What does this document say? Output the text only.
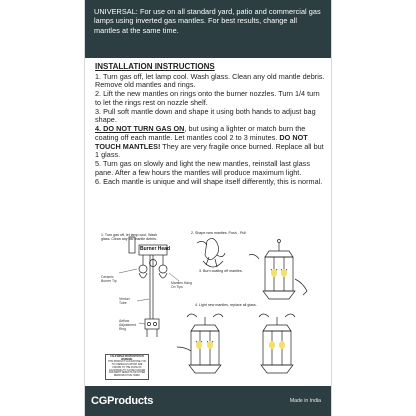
UNIVERSAL: For use on all standard yard, patio and commercial gas lamps using inverted gas mantles. For best results, change all mantles at the same time.

INSTALLATION INSTRUCTIONS

1. Turn gas off, let lamp cool. Wash glass. Clean any old mantle debris. Remove old mantles and rings.

2. Lift the new mantles on rings onto the burner nozzles. Turn 1/4 turn to let the rings rest on nozzle shelf.

3. Pull soft mantle down and shape it using both hands to adjust bag shape.

4. DO NOT TURN GAS ON, but using a lighter or match burn the coating off each mantle. Let mantles cool 2 to 3 minutes. DO NOT TOUCH MANTLES! They are very fragile once burned. Replace all but 1 glass.

5. Turn gas on slowly and light the new mantles, reinstall last glass pane. After a few hours the mantles will produce maximum light.

6. Each mantle is unique and will shape itself differently, this is normal.

1. Turn gas off, let lamp cool. Wash glass. Clean any old mantle debris.
2. Shape new mantles. Push - Pull
3. Burn coating off mantles.
4. Light new mantles, replace all glass.
Burner Head
Ceramic Burner Tip
Venturi Tube
Mantles Hang On Tips
Airflow Adjustment Ring
CALIFORNIA PROPOSITION 65 WARNING:
THIS PRODUCT CAN EXPOSE YOU TO CHEMICALS WHICH ARE KNOWN TO THE STATE OF CALIFORNIA TO CAUSE CANCER AND BIRTH DEFECTS OR OTHER REPRODUCTIVE HARM.
CGProducts	Made in India
